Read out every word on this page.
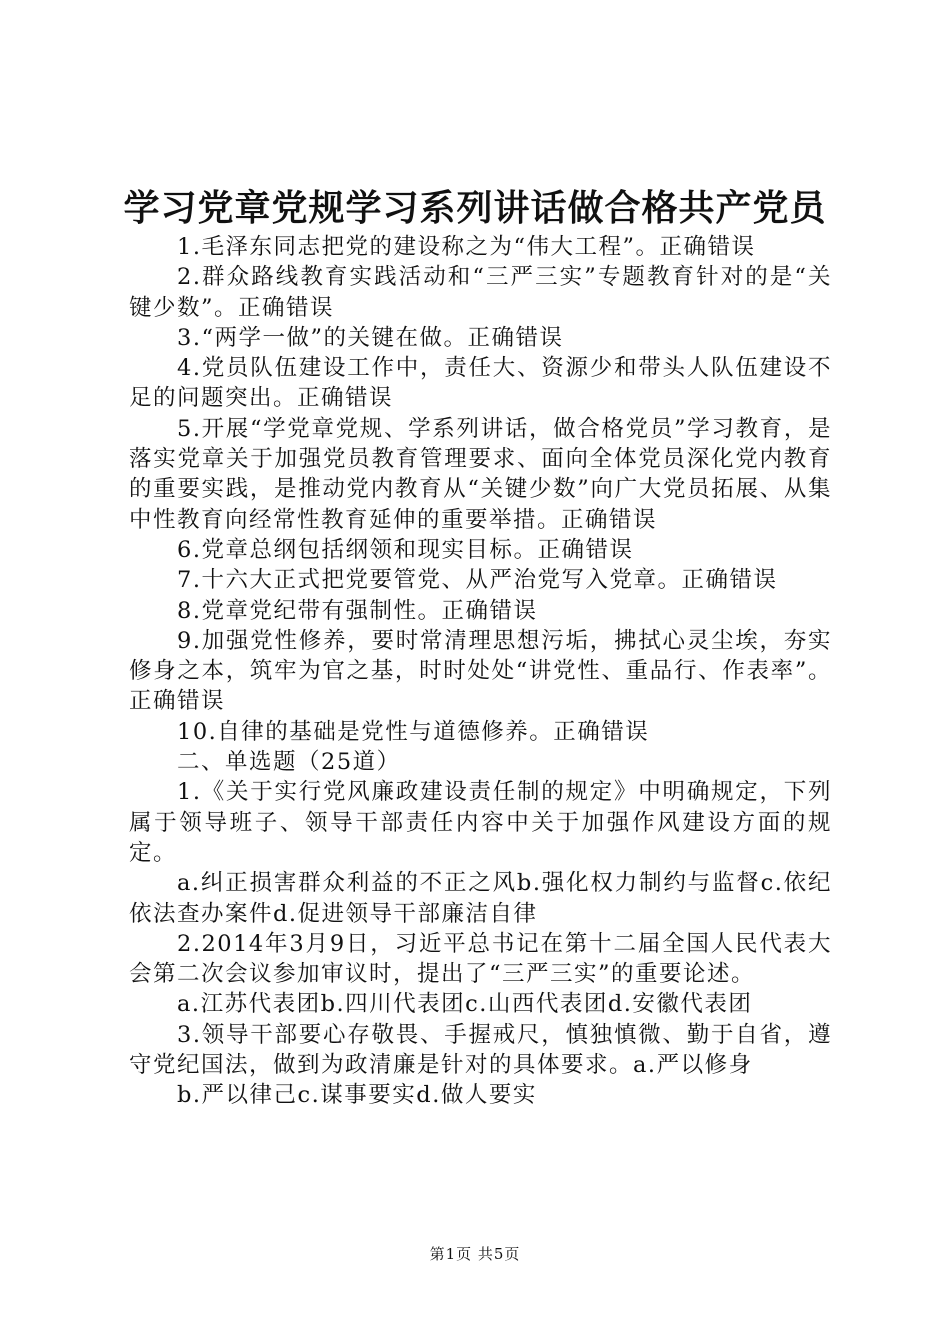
学习党章党规学习系列讲话做合格共产党员

1.毛泽东同志把党的建设称之为“伟大工程”。正确错误

2.群众路线教育实践活动和“三严三实”专题教育针对的是“关键少数”。正确错误

3.“两学一做”的关键在做。正确错误

4.党员队伍建设工作中，责任大、资源少和带头人队伍建设不足的问题突出。正确错误

5.开展“学党章党规、学系列讲话，做合格党员”学习教育，是落实党章关于加强党员教育管理要求、面向全体党员深化党内教育的重要实践，是推动党内教育从“关键少数”向广大党员拓展、从集中性教育向经常性教育延伸的重要举措。正确错误

6.党章总纲包括纲领和现实目标。正确错误

7.十六大正式把党要管党、从严治党写入党章。正确错误

8.党章党纪带有强制性。正确错误

9.加强党性修养，要时常清理思想污垢，拂拭心灵尘埃，夯实修身之本，筑牢为官之基，时时处处“讲党性、重品行、作表率”。正确错误

10.自律的基础是党性与道德修养。正确错误

二、单选题（25道）

1.《关于实行党风廉政建设责任制的规定》中明确规定，下列属于领导班子、领导干部责任内容中关于加强作风建设方面的规定。

a.纠正损害群众利益的不正之风b.强化权力制约与监督c.依纪依法查办案件d.促进领导干部廉洁自律

2.2014年3月9日，习近平总书记在第十二届全国人民代表大会第二次会议参加审议时，提出了“三严三实”的重要论述。

a.江苏代表团b.四川代表团c.山西代表团d.安徽代表团

3.领导干部要心存敬畏、手握戒尺，慎独慎微、勤于自省，遵守党纪国法，做到为政清廉是针对的具体要求。a.严以修身

b.严以律己c.谋事要实d.做人要实

第1页 共5页
